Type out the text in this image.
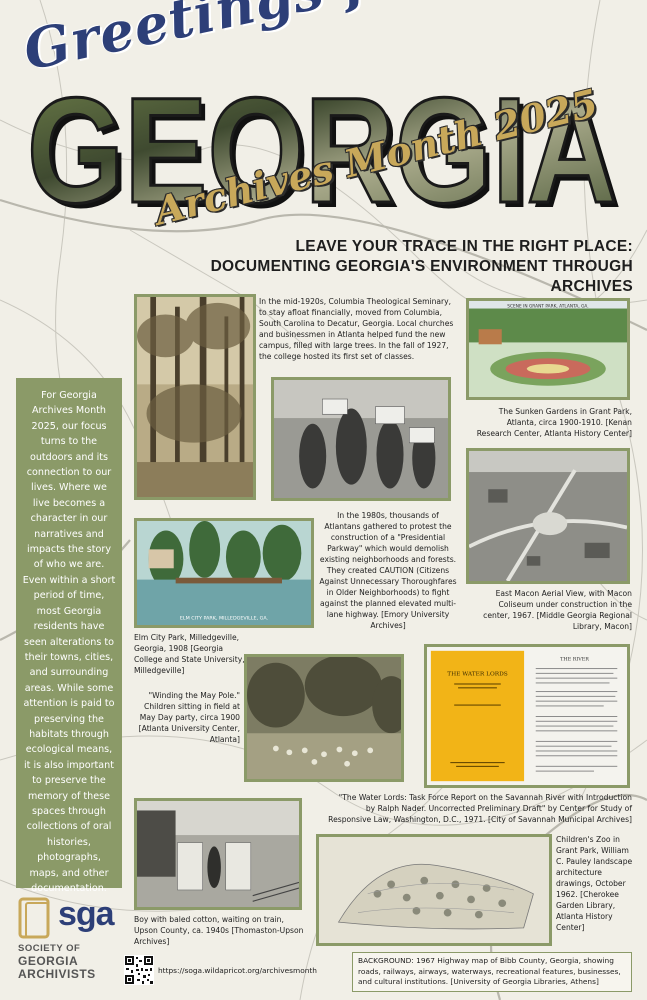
GEORGIA
GEORGIA
Archives Month 2025
LEAVE YOUR TRACE IN THE RIGHT PLACE:
DOCUMENTING GEORGIA'S ENVIRONMENT THROUGH ARCHIVES
For Georgia Archives Month 2025, our focus turns to the outdoors and its connection to our lives. Where we live becomes a character in our narratives and impacts the story of who we are. Even within a short period of time, most Georgia residents have seen alterations to their towns, cities, and surrounding areas. While some attention is paid to preserving the habitats through ecological means, it is also important to preserve the memory of these spaces through collections of oral histories, photographs, maps, and other documentation.
In the mid-1920s, Columbia Theological Seminary, to stay afloat financially, moved from Columbia, South Carolina to Decatur, Georgia. Local churches and businessmen in Atlanta helped fund the new campus, filled with large trees. In the fall of 1927, the college hosted its first set of classes.
SCENE IN GRANT PARK, ATLANTA, GA.
The Sunken Gardens in Grant Park, Atlanta, circa 1900-1910. [Kenan Research Center, Atlanta History Center]
East Macon Aerial View, with Macon Coliseum under construction in the center, 1967. [Middle Georgia Regional Library, Macon]
ELM CITY PARK, MILLEDGEVILLE, GA.
Elm City Park, Milledgeville, Georgia, 1908 [Georgia College and State University, Milledgeville]
In the 1980s, thousands of Atlantans gathered to protest the construction of a "Presidential Parkway" which would demolish existing neighborhoods and forests. They created CAUTION (Citizens Against Unnecessary Thoroughfares in Older Neighborhoods) to fight against the planned elevated multi-lane highway. [Emory University Archives]
"Winding the May Pole." Children sitting in field at May Day party, circa 1900 [Atlanta University Center, Atlanta]
THE WATER LORDS
THE RIVER
"The Water Lords: Task Force Report on the Savannah River with Introduction by Ralph Nader. Uncorrected Preliminary Draft" by Center for Study of Responsive Law, Washington, D.C., 1971. [City of Savannah Municipal Archives]
Boy with baled cotton, waiting on train, Upson County, ca. 1940s [Thomaston-Upson Archives]
Children's Zoo in Grant Park, William C. Pauley landscape architecture drawings, October 1962. [Cherokee Garden Library, Atlanta History Center]
sga
SOCIETY OF
GEORGIA
ARCHIVISTS	https://soga.wildapricot.org/archivesmonth
BACKGROUND: 1967 Highway map of Bibb County, Georgia, showing roads, railways, airways, waterways, recreational features, businesses, and cultural institutions. [University of Georgia Libraries, Athens]
